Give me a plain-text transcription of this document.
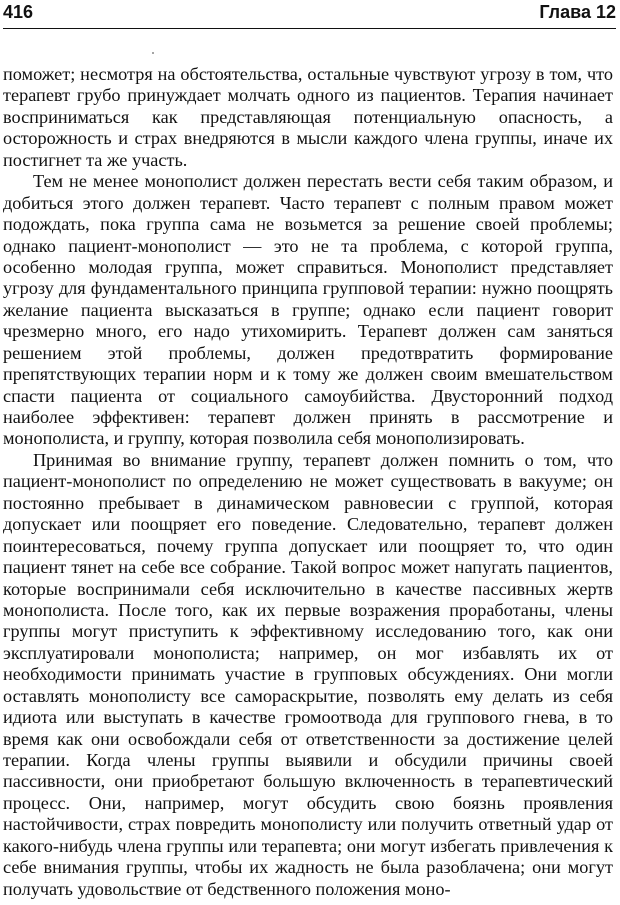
416	Глава 12

поможет; несмотря на обстоятельства, остальные чувствуют угрозу в том, что терапевт грубо принуждает молчать одного из пациентов. Терапия начинает восприниматься как представляющая потенциальную опасность, а осторожность и страх внедряются в мысли каждого члена группы, иначе их постигнет та же участь.

Тем не менее монополист должен перестать вести себя таким образом, и добиться этого должен терапевт. Часто терапевт с полным правом может подождать, пока группа сама не возьмется за решение своей проблемы; однако пациент-монополист — это не та проблема, с которой группа, особенно молодая группа, может справиться. Монополист представляет угрозу для фундаментального принципа групповой терапии: нужно поощрять желание пациента высказаться в группе; однако если пациент говорит чрезмерно много, его надо утихомирить. Терапевт должен сам заняться решением этой проблемы, должен предотвратить формирование препятствующих терапии норм и к тому же должен своим вмешательством спасти пациента от социального самоубийства. Двусторонний подход наиболее эффективен: терапевт должен принять в рассмотрение и монополиста, и группу, которая позволила себя монополизировать.

Принимая во внимание группу, терапевт должен помнить о том, что пациент-монополист по определению не может существовать в вакууме; он постоянно пребывает в динамическом равновесии с группой, которая допускает или поощряет его поведение. Следовательно, терапевт должен поинтересоваться, почему группа допускает или поощряет то, что один пациент тянет на себе все собрание. Такой вопрос может напугать пациентов, которые воспринимали себя исключительно в качестве пассивных жертв монополиста. После того, как их первые возражения проработаны, члены группы могут приступить к эффективному исследованию того, как они эксплуатировали монополиста; например, он мог избавлять их от необходимости принимать участие в групповых обсуждениях. Они могли оставлять монополисту все самораскрытие, позволять ему делать из себя идиота или выступать в качестве громоотвода для группового гнева, в то время как они освобождали себя от ответственности за достижение целей терапии. Когда члены группы выявили и обсудили причины своей пассивности, они приобретают большую включенность в терапевтический процесс. Они, например, могут обсудить свою боязнь проявления настойчивости, страх повредить монополисту или получить ответный удар от какого-нибудь члена группы или терапевта; они могут избегать привлечения к себе внимания группы, чтобы их жадность не была разоблачена; они могут получать удовольствие от бедственного положения моно-
